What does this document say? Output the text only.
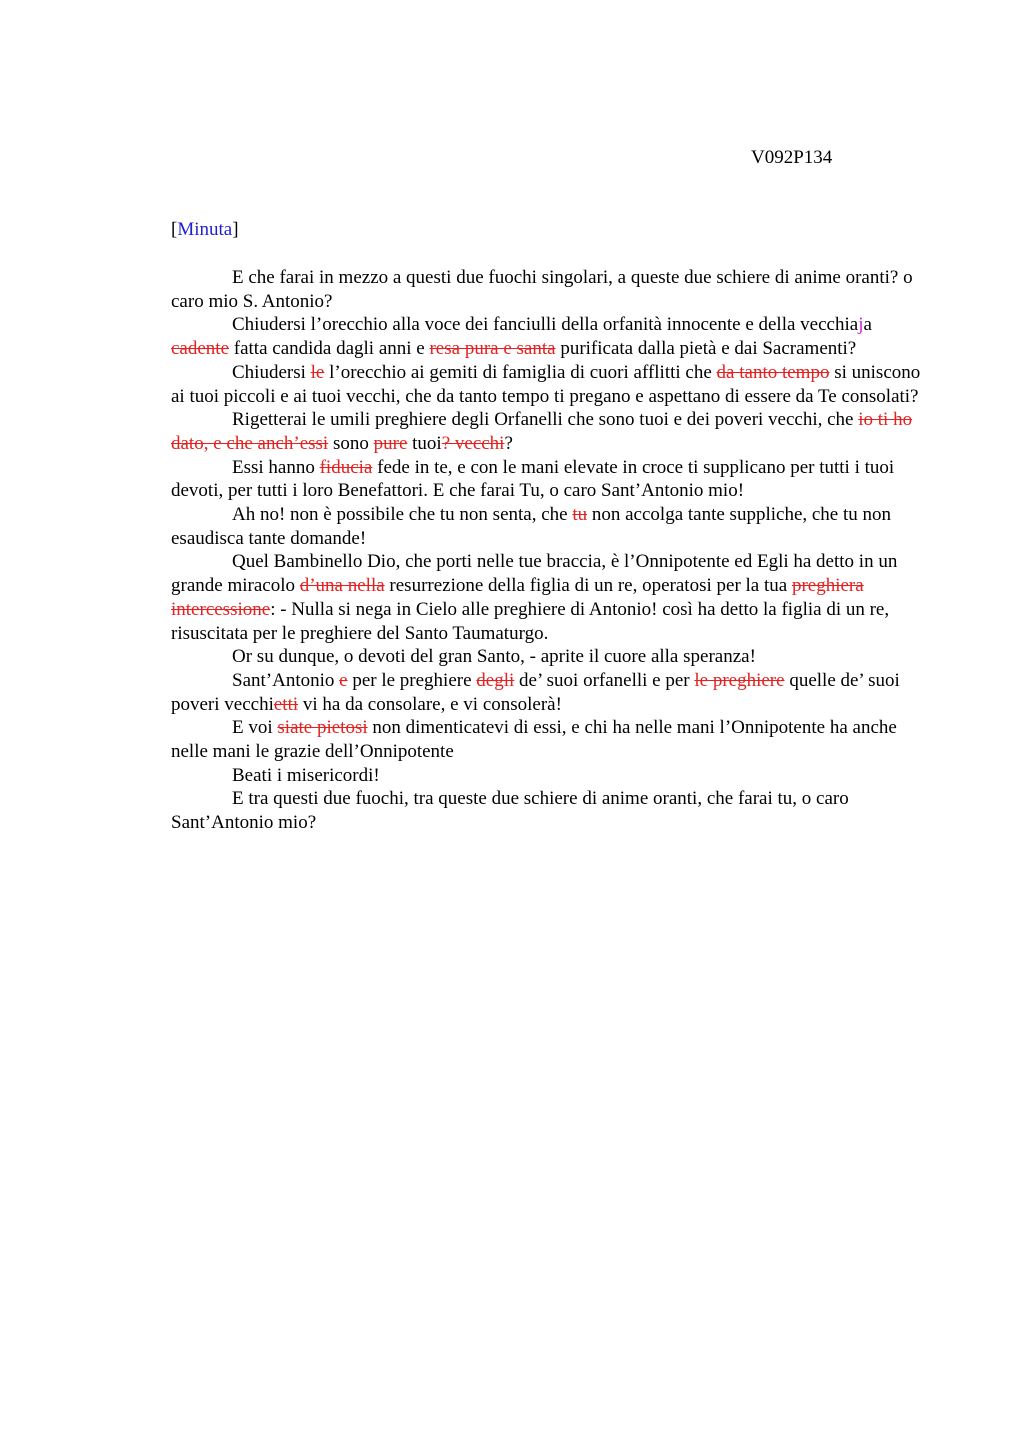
V092P134
[Minuta]

E che farai in mezzo a questi due fuochi singolari, a queste due schiere di anime oranti? o caro mio S. Antonio?

Chiudersi l’orecchio alla voce dei fanciulli della orfanità innocente e della vecchiaja cadente fatta candida dagli anni e resa pura e santa purificata dalla pietà e dai Sacramenti?

Chiudersi le l’orecchio ai gemiti di famiglia di cuori afflitti che da tanto tempo si uniscono ai tuoi piccoli e ai tuoi vecchi, che da tanto tempo ti pregano e aspettano di essere da Te consolati?

Rigetterai le umili preghiere degli Orfanelli che sono tuoi e dei poveri vecchi, che io ti ho dato, e che anch’essi sono pure tuoi? vecchi?

Essi hanno fiducia fede in te, e con le mani elevate in croce ti supplicano per tutti i tuoi devoti, per tutti i loro Benefattori. E che farai Tu, o caro Sant’Antonio mio!

Ah no! non è possibile che tu non senta, che tu non accolga tante suppliche, che tu non esaudisca tante domande!

Quel Bambinello Dio, che porti nelle tue braccia, è l’Onnipotente ed Egli ha detto in un grande miracolo d’una nella resurrezione della figlia di un re, operatosi per la tua preghiera intercessione: - Nulla si nega in Cielo alle preghiere di Antonio! così ha detto la figlia di un re, risuscitata per le preghiere del Santo Taumaturgo.

Or su dunque, o devoti del gran Santo, - aprite il cuore alla speranza!

Sant’Antonio e per le preghiere degli de’ suoi orfanelli e per le preghiere quelle de’ suoi poveri vecchietti vi ha da consolare, e vi consolerà!

E voi siate pietosi non dimenticatevi di essi, e chi ha nelle mani l’Onnipotente ha anche nelle mani le grazie dell’Onnipotente

Beati i misericordi!

E tra questi due fuochi, tra queste due schiere di anime oranti, che farai tu, o caro Sant’Antonio mio?
